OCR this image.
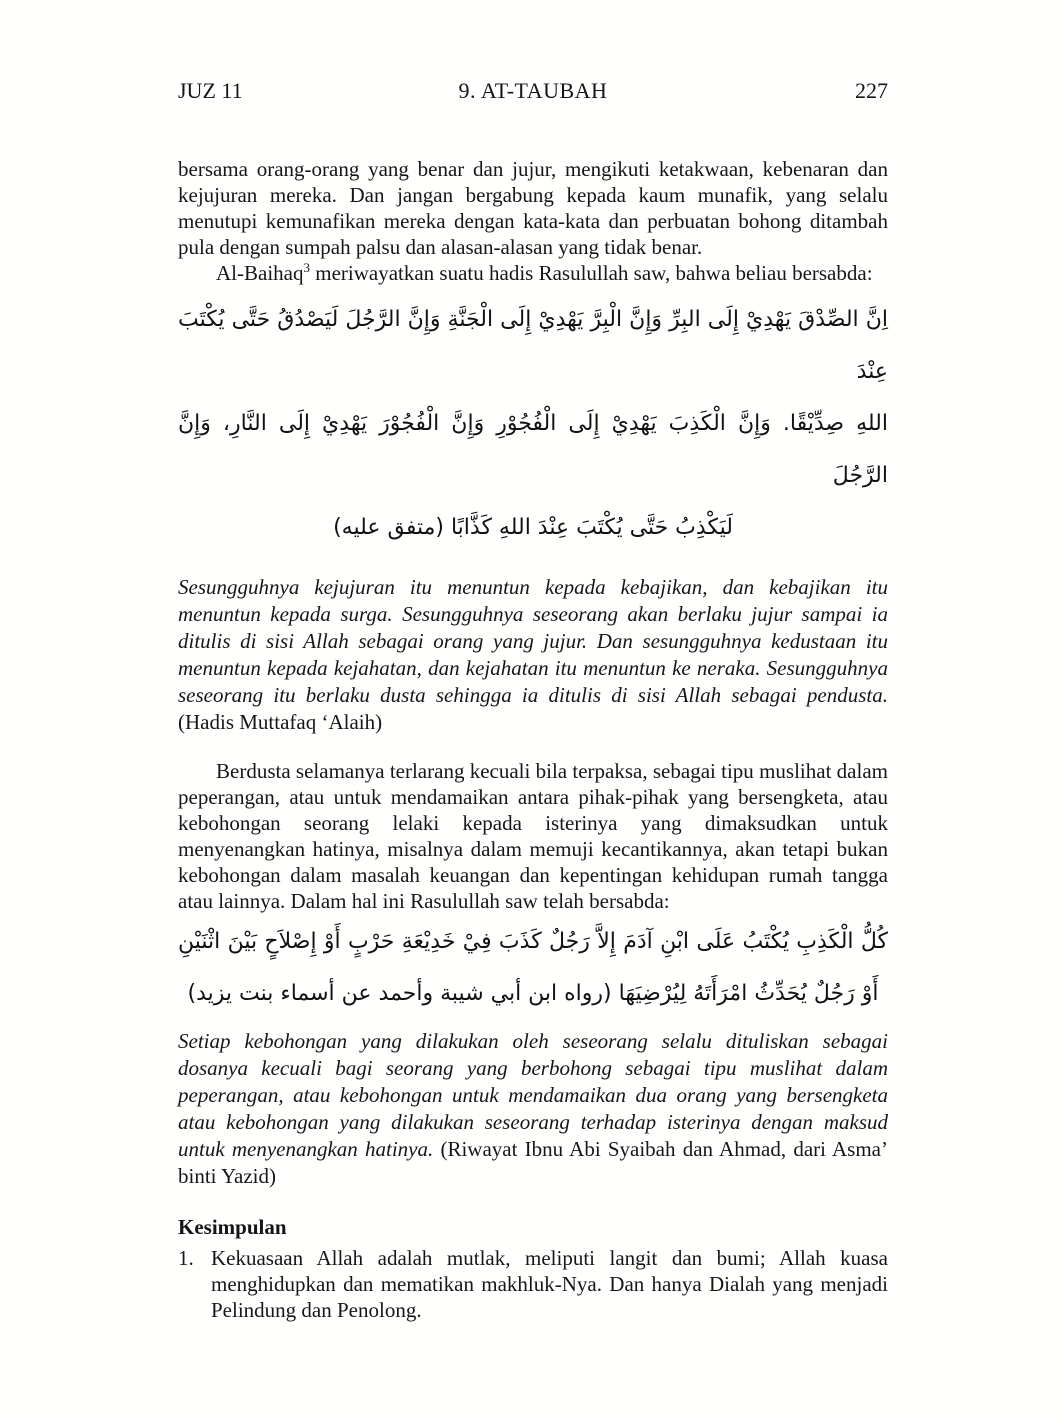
JUZ 11	9. AT-TAUBAH	227

bersama orang-orang yang benar dan jujur, mengikuti ketakwaan, kebenaran dan kejujuran mereka. Dan jangan bergabung kepada kaum munafik, yang selalu menutupi kemunafikan mereka dengan kata-kata dan perbuatan bohong ditambah pula dengan sumpah palsu dan alasan-alasan yang tidak benar.

Al-Baihaq$^3$ meriwayatkan suatu hadis Rasulullah saw, bahwa beliau bersabda:

اِنَّ الصِّدْقَ يَهْدِيْ إِلَى البِرِّ وَإِنَّ الْبِرَّ يَهْدِيْ إِلَى الْجَنَّةِ وَإِنَّ الرَّجُلَ لَيَصْدُقُ حَتَّى يُكْتَبَ عِنْدَ
اللهِ صِدِّيْقًا. وَإِنَّ الْكَذِبَ يَهْدِيْ إِلَى الْفُجُوْرِ وَإِنَّ الْفُجُوْرَ يَهْدِيْ إِلَى النَّارِ، وَإِنَّ الرَّجُلَ
لَيَكْذِبُ حَتَّى يُكْتَبَ عِنْدَ اللهِ كَذَّابًا (متفق عليه)

Sesungguhnya kejujuran itu menuntun kepada kebajikan, dan kebajikan itu menuntun kepada surga. Sesungguhnya seseorang akan berlaku jujur sampai ia ditulis di sisi Allah sebagai orang yang jujur. Dan sesungguhnya kedustaan itu menuntun kepada kejahatan, dan kejahatan itu menuntun ke neraka. Sesungguhnya seseorang itu berlaku dusta sehingga ia ditulis di sisi Allah sebagai pendusta. (Hadis Muttafaq ‘Alaih)

Berdusta selamanya terlarang kecuali bila terpaksa, sebagai tipu muslihat dalam peperangan, atau untuk mendamaikan antara pihak-pihak yang bersengketa, atau kebohongan seorang lelaki kepada isterinya yang dimaksudkan untuk menyenangkan hatinya, misalnya dalam memuji kecantikannya, akan tetapi bukan kebohongan dalam masalah keuangan dan kepentingan kehidupan rumah tangga atau lainnya. Dalam hal ini Rasulullah saw telah bersabda:

كُلُّ الْكَذِبِ يُكْتَبُ عَلَى ابْنِ آدَمَ إِلاَّ رَجُلٌ كَذَبَ فِيْ خَدِيْعَةِ حَرْبٍ أَوْ إِصْلاَحٍ بَيْنَ اثْنَيْنِ
أَوْ رَجُلٌ يُحَدِّثُ امْرَأَتَهُ لِيُرْضِيَهَا (رواه ابن أبي شيبة وأحمد عن أسماء بنت يزيد)

Setiap kebohongan yang dilakukan oleh seseorang selalu dituliskan sebagai dosanya kecuali bagi seorang yang berbohong sebagai tipu muslihat dalam peperangan, atau kebohongan untuk mendamaikan dua orang yang bersengketa atau kebohongan yang dilakukan seseorang terhadap isterinya dengan maksud untuk menyenangkan hatinya. (Riwayat Ibnu Abi Syaibah dan Ahmad, dari Asma’ binti Yazid)

Kesimpulan

1. Kekuasaan Allah adalah mutlak, meliputi langit dan bumi; Allah kuasa menghidupkan dan mematikan makhluk-Nya. Dan hanya Dialah yang menjadi Pelindung dan Penolong.
